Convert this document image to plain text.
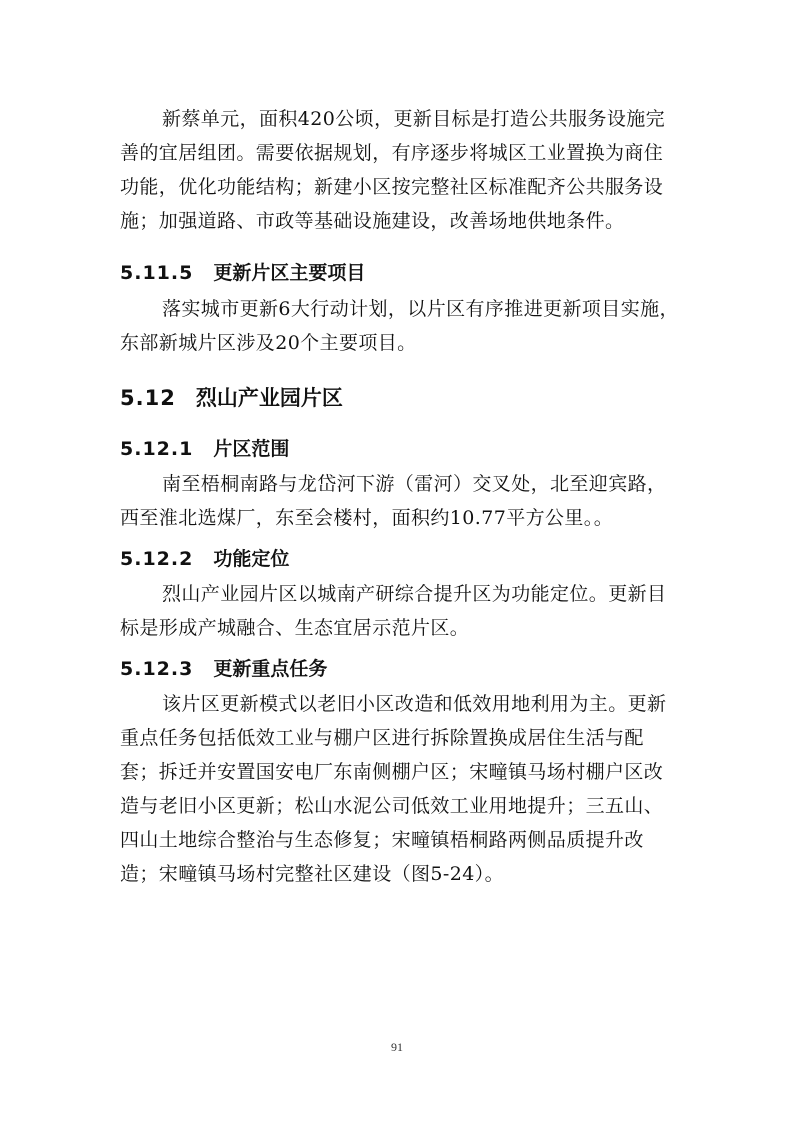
新蔡单元，面积420公顷，更新目标是打造公共服务设施完善的宜居组团。需要依据规划，有序逐步将城区工业置换为商住功能，优化功能结构；新建小区按完整社区标准配齐公共服务设施；加强道路、市政等基础设施建设，改善场地供地条件。

5.11.5 更新片区主要项目

落实城市更新6大行动计划，以片区有序推进更新项目实施，东部新城片区涉及20个主要项目。

5.12 烈山产业园片区
5.12.1 片区范围

南至梧桐南路与龙岱河下游（雷河）交叉处，北至迎宾路，西至淮北选煤厂，东至会楼村，面积约10.77平方公里。。

5.12.2 功能定位

烈山产业园片区以城南产研综合提升区为功能定位。更新目标是形成产城融合、生态宜居示范片区。

5.12.3 更新重点任务

该片区更新模式以老旧小区改造和低效用地利用为主。更新重点任务包括低效工业与棚户区进行拆除置换成居住生活与配套；拆迁并安置国安电厂东南侧棚户区；宋疃镇马场村棚户区改造与老旧小区更新；松山水泥公司低效工业用地提升；三五山、四山土地综合整治与生态修复；宋疃镇梧桐路两侧品质提升改造；宋疃镇马场村完整社区建设（图5-24）。

91
